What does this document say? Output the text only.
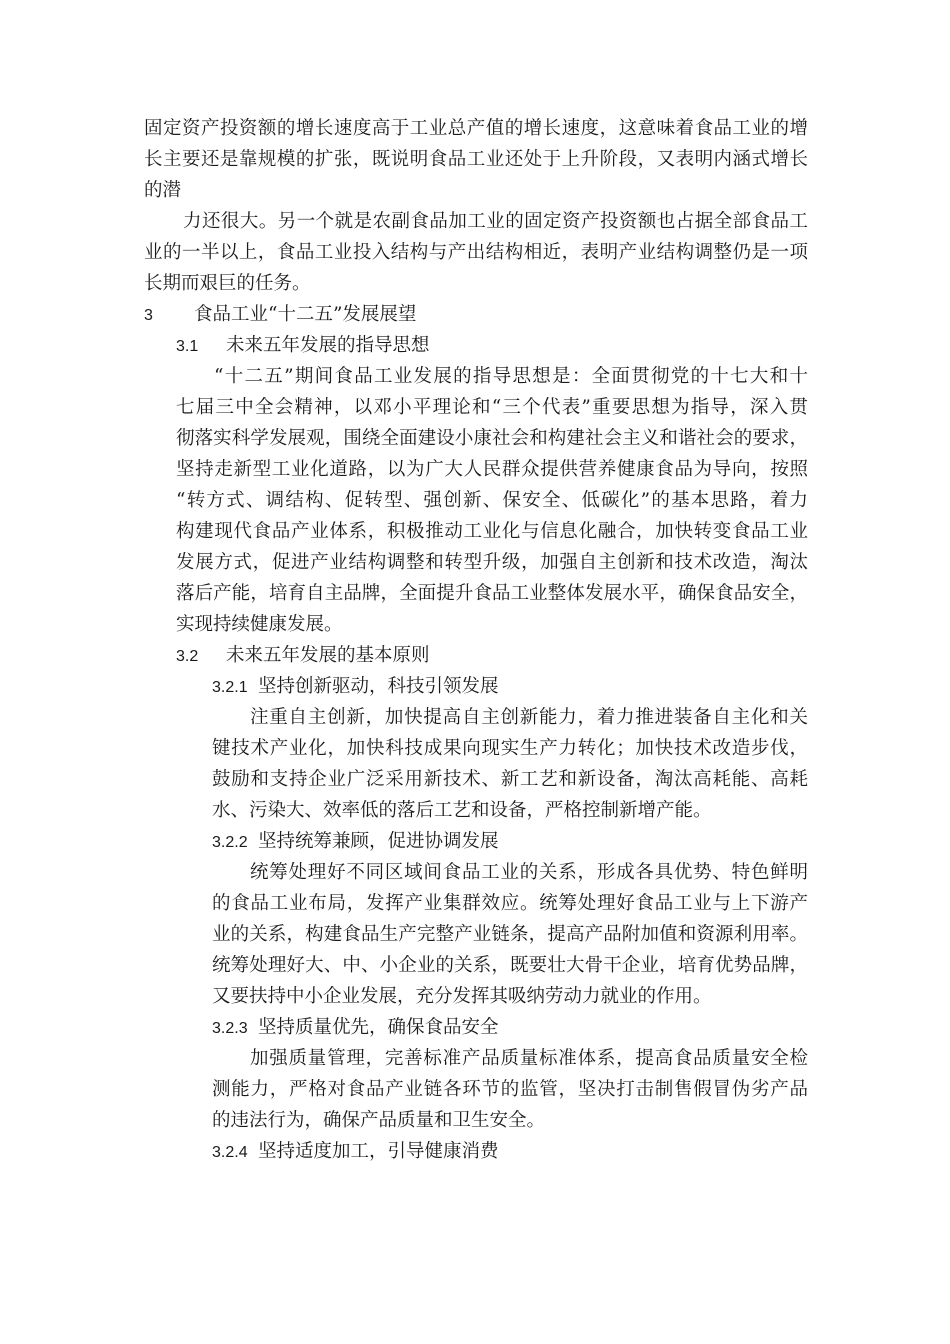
固定资产投资额的增长速度高于工业总产值的增长速度，这意味着食品工业的增
长主要还是靠规模的扩张，既说明食品工业还处于上升阶段，又表明内涵式增长
的潜
力还很大。另一个就是农副食品加工业的固定资产投资额也占据全部食品工
业的一半以上，食品工业投入结构与产出结构相近，表明产业结构调整仍是一项
长期而艰巨的任务。
3 食品工业“十二五”发展展望
3.1 未来五年发展的指导思想
“十二五”期间食品工业发展的指导思想是：全面贯彻党的十七大和十
七届三中全会精神，以邓小平理论和“三个代表”重要思想为指导，深入贯
彻落实科学发展观，围绕全面建设小康社会和构建社会主义和谐社会的要求，
坚持走新型工业化道路，以为广大人民群众提供营养健康食品为导向，按照
“转方式、调结构、促转型、强创新、保安全、低碳化”的基本思路，着力
构建现代食品产业体系，积极推动工业化与信息化融合，加快转变食品工业
发展方式，促进产业结构调整和转型升级，加强自主创新和技术改造，淘汰
落后产能，培育自主品牌，全面提升食品工业整体发展水平，确保食品安全，
实现持续健康发展。
3.2 未来五年发展的基本原则
3.2.1 坚持创新驱动，科技引领发展
注重自主创新，加快提高自主创新能力，着力推进装备自主化和关
键技术产业化，加快科技成果向现实生产力转化；加快技术改造步伐，
鼓励和支持企业广泛采用新技术、新工艺和新设备，淘汰高耗能、高耗
水、污染大、效率低的落后工艺和设备，严格控制新增产能。
3.2.2 坚持统筹兼顾，促进协调发展
统筹处理好不同区域间食品工业的关系，形成各具优势、特色鲜明
的食品工业布局，发挥产业集群效应。统筹处理好食品工业与上下游产
业的关系，构建食品生产完整产业链条，提高产品附加值和资源利用率。
统筹处理好大、中、小企业的关系，既要壮大骨干企业，培育优势品牌，
又要扶持中小企业发展，充分发挥其吸纳劳动力就业的作用。
3.2.3 坚持质量优先，确保食品安全
加强质量管理，完善标准产品质量标准体系，提高食品质量安全检
测能力，严格对食品产业链各环节的监管，坚决打击制售假冒伪劣产品
的违法行为，确保产品质量和卫生安全。
3.2.4 坚持适度加工，引导健康消费
